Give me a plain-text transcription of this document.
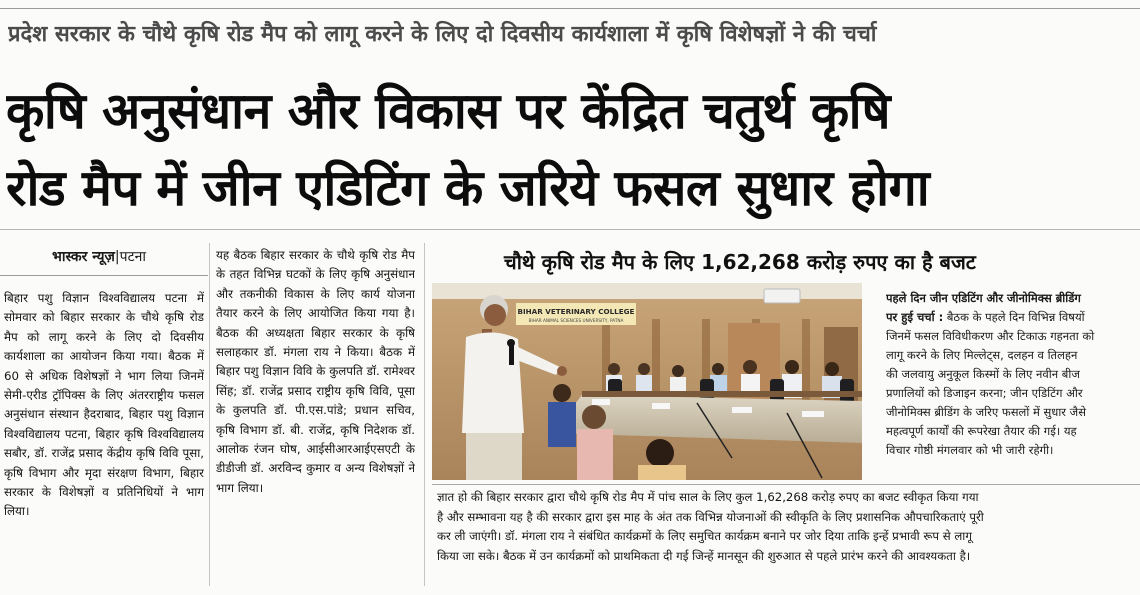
प्रदेश सरकार के चौथे कृषि रोड मैप को लागू करने के लिए दो दिवसीय कार्यशाला में कृषि विशेषज्ञों ने की चर्चा
कृषि अनुसंधान और विकास पर केंद्रित चतुर्थ कृषि
रोड मैप में जीन एडिटिंग के जरिये फसल सुधार होगा
भास्कर न्यूज़|पटना
बिहार पशु विज्ञान विश्वविद्यालय पटना में सोमवार को बिहार सरकार के चौथे कृषि रोड मैप को लागू करने के लिए दो दिवसीय कार्यशाला का आयोजन किया गया। बैठक में 60 से अधिक विशेषज्ञों ने भाग लिया जिनमें सेमी-एरीड ट्रॉपिक्स के लिए अंतरराष्ट्रीय फसल अनुसंधान संस्थान हैदराबाद, बिहार पशु विज्ञान विश्वविद्यालय पटना, बिहार कृषि विश्वविद्यालय सबौर, डॉ. राजेंद्र प्रसाद केंद्रीय कृषि विवि पूसा, कृषि विभाग और मृदा संरक्षण विभाग, बिहार सरकार के विशेषज्ञों व प्रतिनिधियों ने भाग लिया।
यह बैठक बिहार सरकार के चौथे कृषि रोड मैप के तहत विभिन्न घटकों के लिए कृषि अनुसंधान और तकनीकी विकास के लिए कार्य योजना तैयार करने के लिए आयोजित किया गया है। बैठक की अध्यक्षता बिहार सरकार के कृषि सलाहकार डॉ. मंगला राय ने किया। बैठक में बिहार पशु विज्ञान विवि के कुलपति डॉ. रामेश्वर सिंह; डॉ. राजेंद्र प्रसाद राष्ट्रीय कृषि विवि, पूसा के कुलपति डॉ. पी.एस.पांडे; प्रधान सचिव, कृषि विभाग डॉ. बी. राजेंद्र, कृषि निदेशक डॉ. आलोक रंजन घोष, आईसीआरआईएसएटी के डीडीजी डॉ. अरविन्द कुमार व अन्य विशेषज्ञों ने भाग लिया।
चौथे कृषि रोड मैप के लिए 1,62,268 करोड़ रुपए का है बजट
BIHAR VETERINARY COLLEGE
BIHAR ANIMAL SCIENCES UNIVERSITY, PATNA

पहले दिन जीन एडिटिंग और जीनोमिक्स ब्रीडिंग

पर हुई चर्चा : बैठक के पहले दिन विभिन्न विषयों

जिनमें फसल विविधीकरण और टिकाऊ गहनता को

लागू करने के लिए मिल्लेट्स, दलहन व तिलहन

की जलवायु अनुकूल किस्मों के लिए नवीन बीज

प्रणालियों को डिजाइन करना; जीन एडिटिंग और

जीनोमिक्स ब्रीडिंग के जरिए फसलों में सुधार जैसे

महत्वपूर्ण कार्यों की रूपरेखा तैयार की गई। यह

विचार गोष्ठी मंगलवार को भी जारी रहेगी।

ज्ञात हो की बिहार सरकार द्वारा चौथे कृषि रोड मैप में पांच साल के लिए कुल 1,62,268 करोड़ रुपए का बजट स्वीकृत किया गया

है और सम्भावना यह है की सरकार द्वारा इस माह के अंत तक विभिन्न योजनाओं की स्वीकृति के लिए प्रशासनिक औपचारिकताएं पूरी

कर ली जाएंगी। डॉ. मंगला राय ने संबंधित कार्यक्रमों के लिए समुचित कार्यक्रम बनाने पर जोर दिया ताकि इन्हें प्रभावी रूप से लागू

किया जा सके। बैठक में उन कार्यक्रमों को प्राथमिकता दी गई जिन्हें मानसून की शुरुआत से पहले प्रारंभ करने की आवश्यकता है।
